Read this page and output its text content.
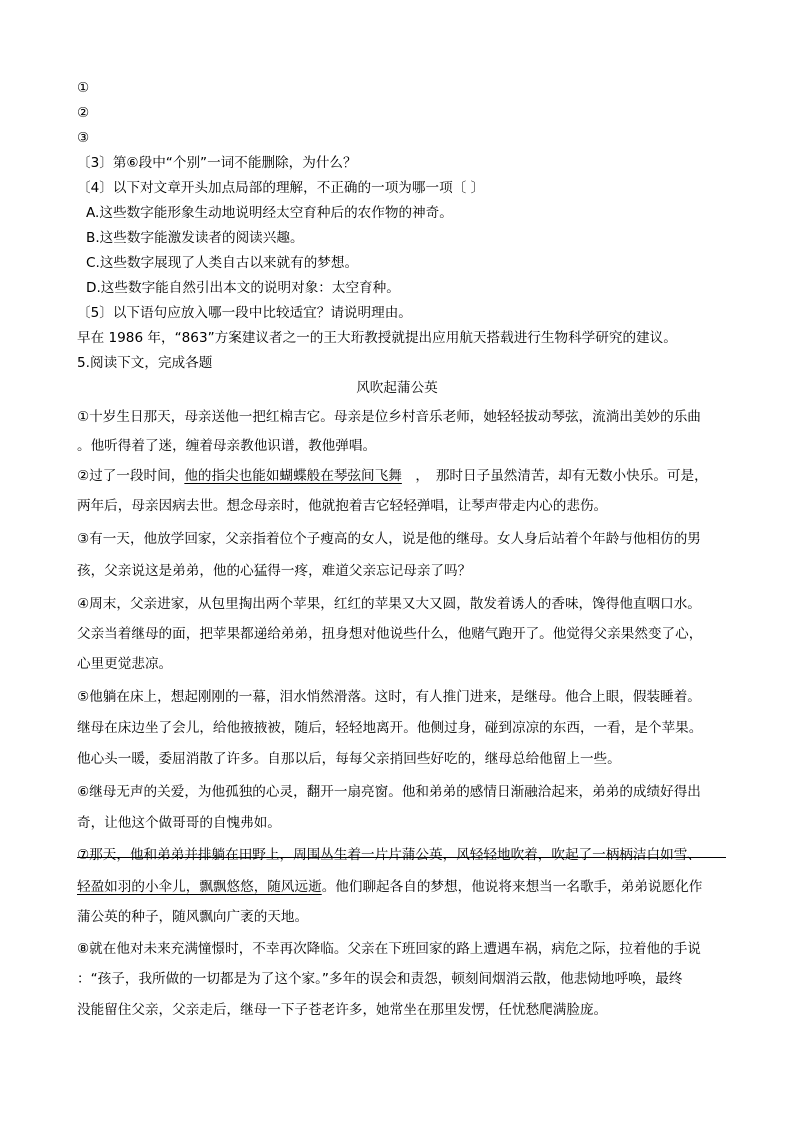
①
②
③
〔3〕第⑥段中“个别”一词不能删除，为什么？
〔4〕以下对文章开头加点局部的理解，不正确的一项为哪一项〔 〕
A.这些数字能形象生动地说明经太空育种后的农作物的神奇。
B.这些数字能激发读者的阅读兴趣。
C.这些数字展现了人类自古以来就有的梦想。
D.这些数字能自然引出本文的说明对象：太空育种。
〔5〕以下语句应放入哪一段中比较适宜？请说明理由。
早在 1986 年，“863”方案建议者之一的王大珩教授就提出应用航天搭载进行生物科学研究的建议。
5.阅读下文，完成各题
风吹起蒲公英
①十岁生日那天，母亲送他一把红棉吉它。母亲是位乡村音乐老师，她轻轻拔动琴弦，流淌出美妙的乐曲
。他听得着了迷，缠着母亲教他识谱，教他弹唱。
②过了一段时间，他的指尖也能如蝴蝶般在琴弦间飞舞　，　那时日子虽然清苦，却有无数小快乐。可是，
两年后，母亲因病去世。想念母亲时，他就抱着吉它轻轻弹唱，让琴声带走内心的悲伤。
③有一天，他放学回家，父亲指着位个子瘦高的女人，说是他的继母。女人身后站着个年龄与他相仿的男
孩，父亲说这是弟弟，他的心猛得一疼，难道父亲忘记母亲了吗？
④周末，父亲进家，从包里掏出两个苹果，红红的苹果又大又圆，散发着诱人的香味，馋得他直咽口水。
父亲当着继母的面，把苹果都递给弟弟，扭身想对他说些什么，他赌气跑开了。他觉得父亲果然变了心，
心里更觉悲凉。
⑤他躺在床上，想起刚刚的一幕，泪水悄然滑落。这时，有人推门进来，是继母。他合上眼，假装睡着。
继母在床边坐了会儿，给他掖掖被，随后，轻轻地离开。他侧过身，碰到凉凉的东西，一看，是个苹果。
他心头一暖，委屈消散了许多。自那以后，每每父亲捎回些好吃的，继母总给他留上一些。
⑥继母无声的关爱，为他孤独的心灵，翻开一扇亮窗。他和弟弟的感情日渐融洽起来，弟弟的成绩好得出
奇，让他这个做哥哥的自愧弗如。
⑦那天，他和弟弟并排躺在田野上，周围丛生着一片片蒲公英，风轻轻地吹着，吹起了一柄柄洁白如雪、
轻盈如羽的小伞儿，飘飘悠悠，随风远逝。他们聊起各自的梦想，他说将来想当一名歌手，弟弟说愿化作
蒲公英的种子，随风飘向广袤的天地。
⑧就在他对未来充满憧憬时，不幸再次降临。父亲在下班回家的路上遭遇车祸，病危之际，拉着他的手说
：“孩子，我所做的一切都是为了这个家。”多年的误会和责怨，顿刻间烟消云散，他悲恸地呼唤，最终
没能留住父亲，父亲走后，继母一下子苍老许多，她常坐在那里发愣，任忧愁爬满脸庞。
